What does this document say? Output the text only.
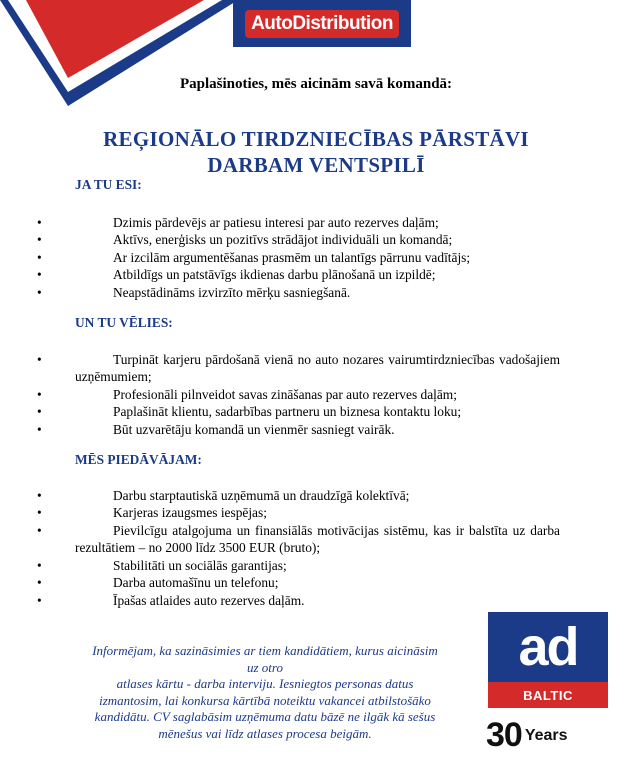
AutoDistribution
Paplašinoties, mēs aicinām savā komandā:
REĢIONĀLO TIRDZNIECĪBAS PĀRSTĀVI
DARBAM VENTSPILĪ

JA TU ESI:

• Dzimis pārdevējs ar patiesu interesi par auto rezerves daļām;
• Aktīvs, enerģisks un pozitīvs strādājot individuāli un komandā;
• Ar izcilām argumentēšanas prasmēm un talantīgs pārrunu vadītājs;
• Atbildīgs un patstāvīgs ikdienas darbu plānošanā un izpildē;
• Neapstādināms izvirzīto mērķu sasniegšanā.

UN TU VĒLIES:

• Turpināt karjeru pārdošanā vienā no auto nozares vairumtirdzniecības vadošajiem uzņēmumiem;
• Profesionāli pilnveidot savas zināšanas par auto rezerves daļām;
• Paplašināt klientu, sadarbības partneru un biznesa kontaktu loku;
• Būt uzvarētāju komandā un vienmēr sasniegt vairāk.

MĒS PIEDĀVĀJAM:

• Darbu starptautiskā uzņēmumā un draudzīgā kolektīvā;
• Karjeras izaugsmes iespējas;
• Pievilcīgu atalgojuma un finansiālās motivācijas sistēmu, kas ir balstīta uz darba rezultātiem – no 2000 līdz 3500 EUR (bruto);
• Stabilitāti un sociālās garantijas;
• Darba automašīnu un telefonu;
• Īpašas atlaides auto rezerves daļām.
Informējam, ka sazināsimies ar tiem kandidātiem, kurus aicināsim uz otro
atlases kārtu - darba interviju. Iesniegtos personas datus izmantosim, lai konkursa kārtībā noteiktu vakancei atbilstošāko kandidātu. CV saglabāsim uzņēmuma datu bāzē ne ilgāk kā sešus mēnešus vai līdz atlases procesa beigām.
ad
BALTIC
30 Years
